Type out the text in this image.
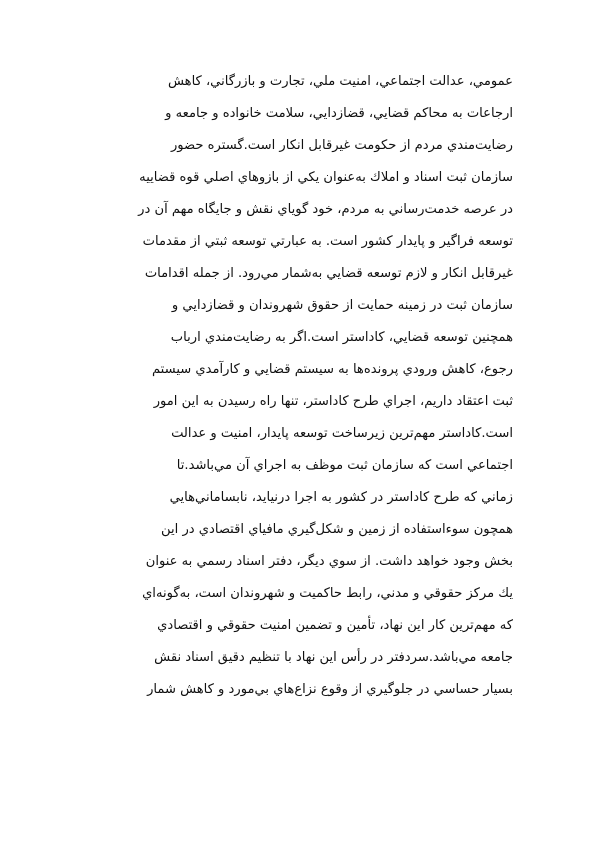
عمومي، عدالت اجتماعي، امنيت ملي، تجارت و بازرگاني، كاهش
ارجاعات به محاكم قضايي، قضازدايي، سلامت خانواده و جامعه و
رضايت‌مندي مردم از حكومت غيرقابل انكار است.گستره حضور
سازمان ثبت اسناد و املاك به‌عنوان يكي از بازوهاي اصلي قوه قضاييه
در عرصه خدمت‌رساني به مردم، خود گوياي نقش و جايگاه مهم آن در
توسعه فراگير و پايدار كشور است. به عبارتي توسعه ثبتي از مقدمات
غيرقابل انكار و لازم توسعه قضايي به‌شمار مي‌رود. از جمله اقدامات
سازمان ثبت در زمينه حمايت از حقوق شهروندان و قضازدايي و
همچنين توسعه قضايي، كاداستر است.اگر به رضايت‌مندي ارباب
رجوع، كاهش ورودي پرونده‌ها به سيستم قضايي و كارآمدي سيستم
ثبت اعتقاد داريم، اجراي طرح كاداستر، تنها راه رسيدن به اين امور
است.كاداستر مهم‌ترين زيرساخت توسعه پايدار، امنيت و عدالت
اجتماعي است كه سازمان ثبت موظف به اجراي آن مي‌باشد.تا
زماني كه طرح كاداستر در كشور به اجرا درنيايد، نابساماني‌هايي
همچون سوءاستفاده از زمين و شكل‌گيري مافياي اقتصادي در اين
بخش وجود خواهد داشت. از سوي ديگر، دفتر اسناد رسمي به عنوان
يك مركز حقوقي و مدني، رابط حاكميت و شهروندان است، به‌گونه‌اي
كه مهم‌ترين كار اين نهاد، تأمين و تضمين امنيت حقوقي و اقتصادي
جامعه مي‌باشد.سردفتر در رأس اين نهاد با تنظيم دقيق اسناد نقش
بسيار حساسي در جلوگيري از وقوع نزاع‌هاي بي‌مورد و كاهش شمار
